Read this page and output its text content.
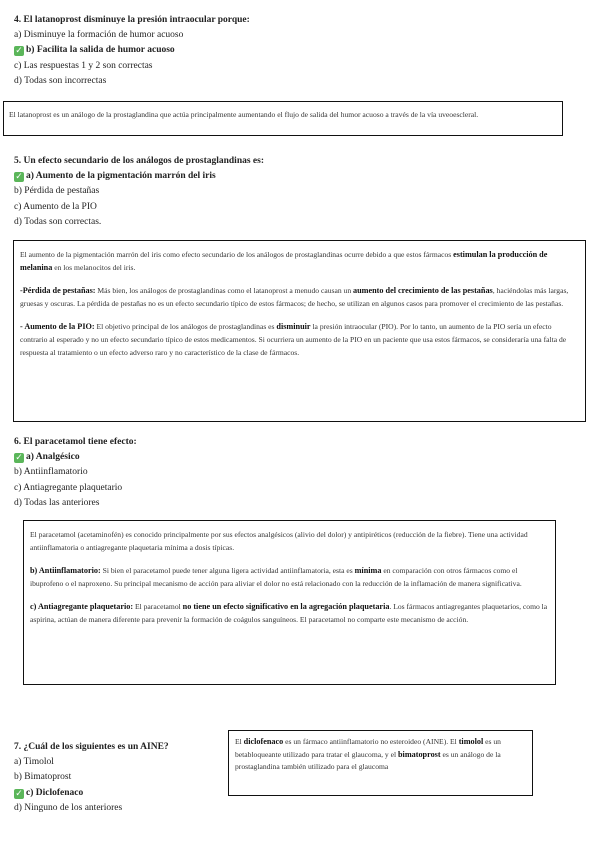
4. El latanoprost disminuye la presión intraocular porque:
a) Disminuye la formación de humor acuoso
✓ b) Facilita la salida de humor acuoso
c) Las respuestas 1 y 2 son correctas
d) Todas son incorrectas

El latanoprost es un análogo de la prostaglandina que actúa principalmente aumentando el flujo de salida del humor acuoso a través de la vía uveoescleral.

5. Un efecto secundario de los análogos de prostaglandinas es:
✓ a) Aumento de la pigmentación marrón del iris
b) Pérdida de pestañas
c) Aumento de la PIO
d) Todas son correctas.

El aumento de la pigmentación marrón del iris como efecto secundario de los análogos de prostaglandinas ocurre debido a que estos fármacos estimulan la producción de melanina en los melanocitos del iris.

-Pérdida de pestañas: Más bien, los análogos de prostaglandinas como el latanoprost a menudo causan un aumento del crecimiento de las pestañas, haciéndolas más largas, gruesas y oscuras. La pérdida de pestañas no es un efecto secundario típico de estos fármacos; de hecho, se utilizan en algunos casos para promover el crecimiento de las pestañas.

- Aumento de la PIO: El objetivo principal de los análogos de prostaglandinas es disminuir la presión intraocular (PIO). Por lo tanto, un aumento de la PIO sería un efecto contrario al esperado y no un efecto secundario típico de estos medicamentos. Si ocurriera un aumento de la PIO en un paciente que usa estos fármacos, se consideraría una falta de respuesta al tratamiento o un efecto adverso raro y no característico de la clase de fármacos.

6. El paracetamol tiene efecto:
✓ a) Analgésico
b) Antiinflamatorio
c) Antiagregante plaquetario
d) Todas las anteriores

El paracetamol (acetaminofén) es conocido principalmente por sus efectos analgésicos (alivio del dolor) y antipiréticos (reducción de la fiebre). Tiene una actividad antiinflamatoria o antiagregante plaquetaria mínima a dosis típicas.

b) Antiinflamatorio: Si bien el paracetamol puede tener alguna ligera actividad antiinflamatoria, esta es mínima en comparación con otros fármacos como el ibuprofeno o el naproxeno. Su principal mecanismo de acción para aliviar el dolor no está relacionado con la reducción de la inflamación de manera significativa.

c) Antiagregante plaquetario: El paracetamol no tiene un efecto significativo en la agregación plaquetaria. Los fármacos antiagregantes plaquetarios, como la aspirina, actúan de manera diferente para prevenir la formación de coágulos sanguíneos. El paracetamol no comparte este mecanismo de acción.

7. ¿Cuál de los siguientes es un AINE?
a) Timolol
b) Bimatoprost
✓ c) Diclofenaco
d) Ninguno de los anteriores

El diclofenaco es un fármaco antiinflamatorio no esteroideo (AINE). El timolol es un betabloqueante utilizado para tratar el glaucoma, y el bimatoprost es un análogo de la prostaglandina también utilizado para el glaucoma
